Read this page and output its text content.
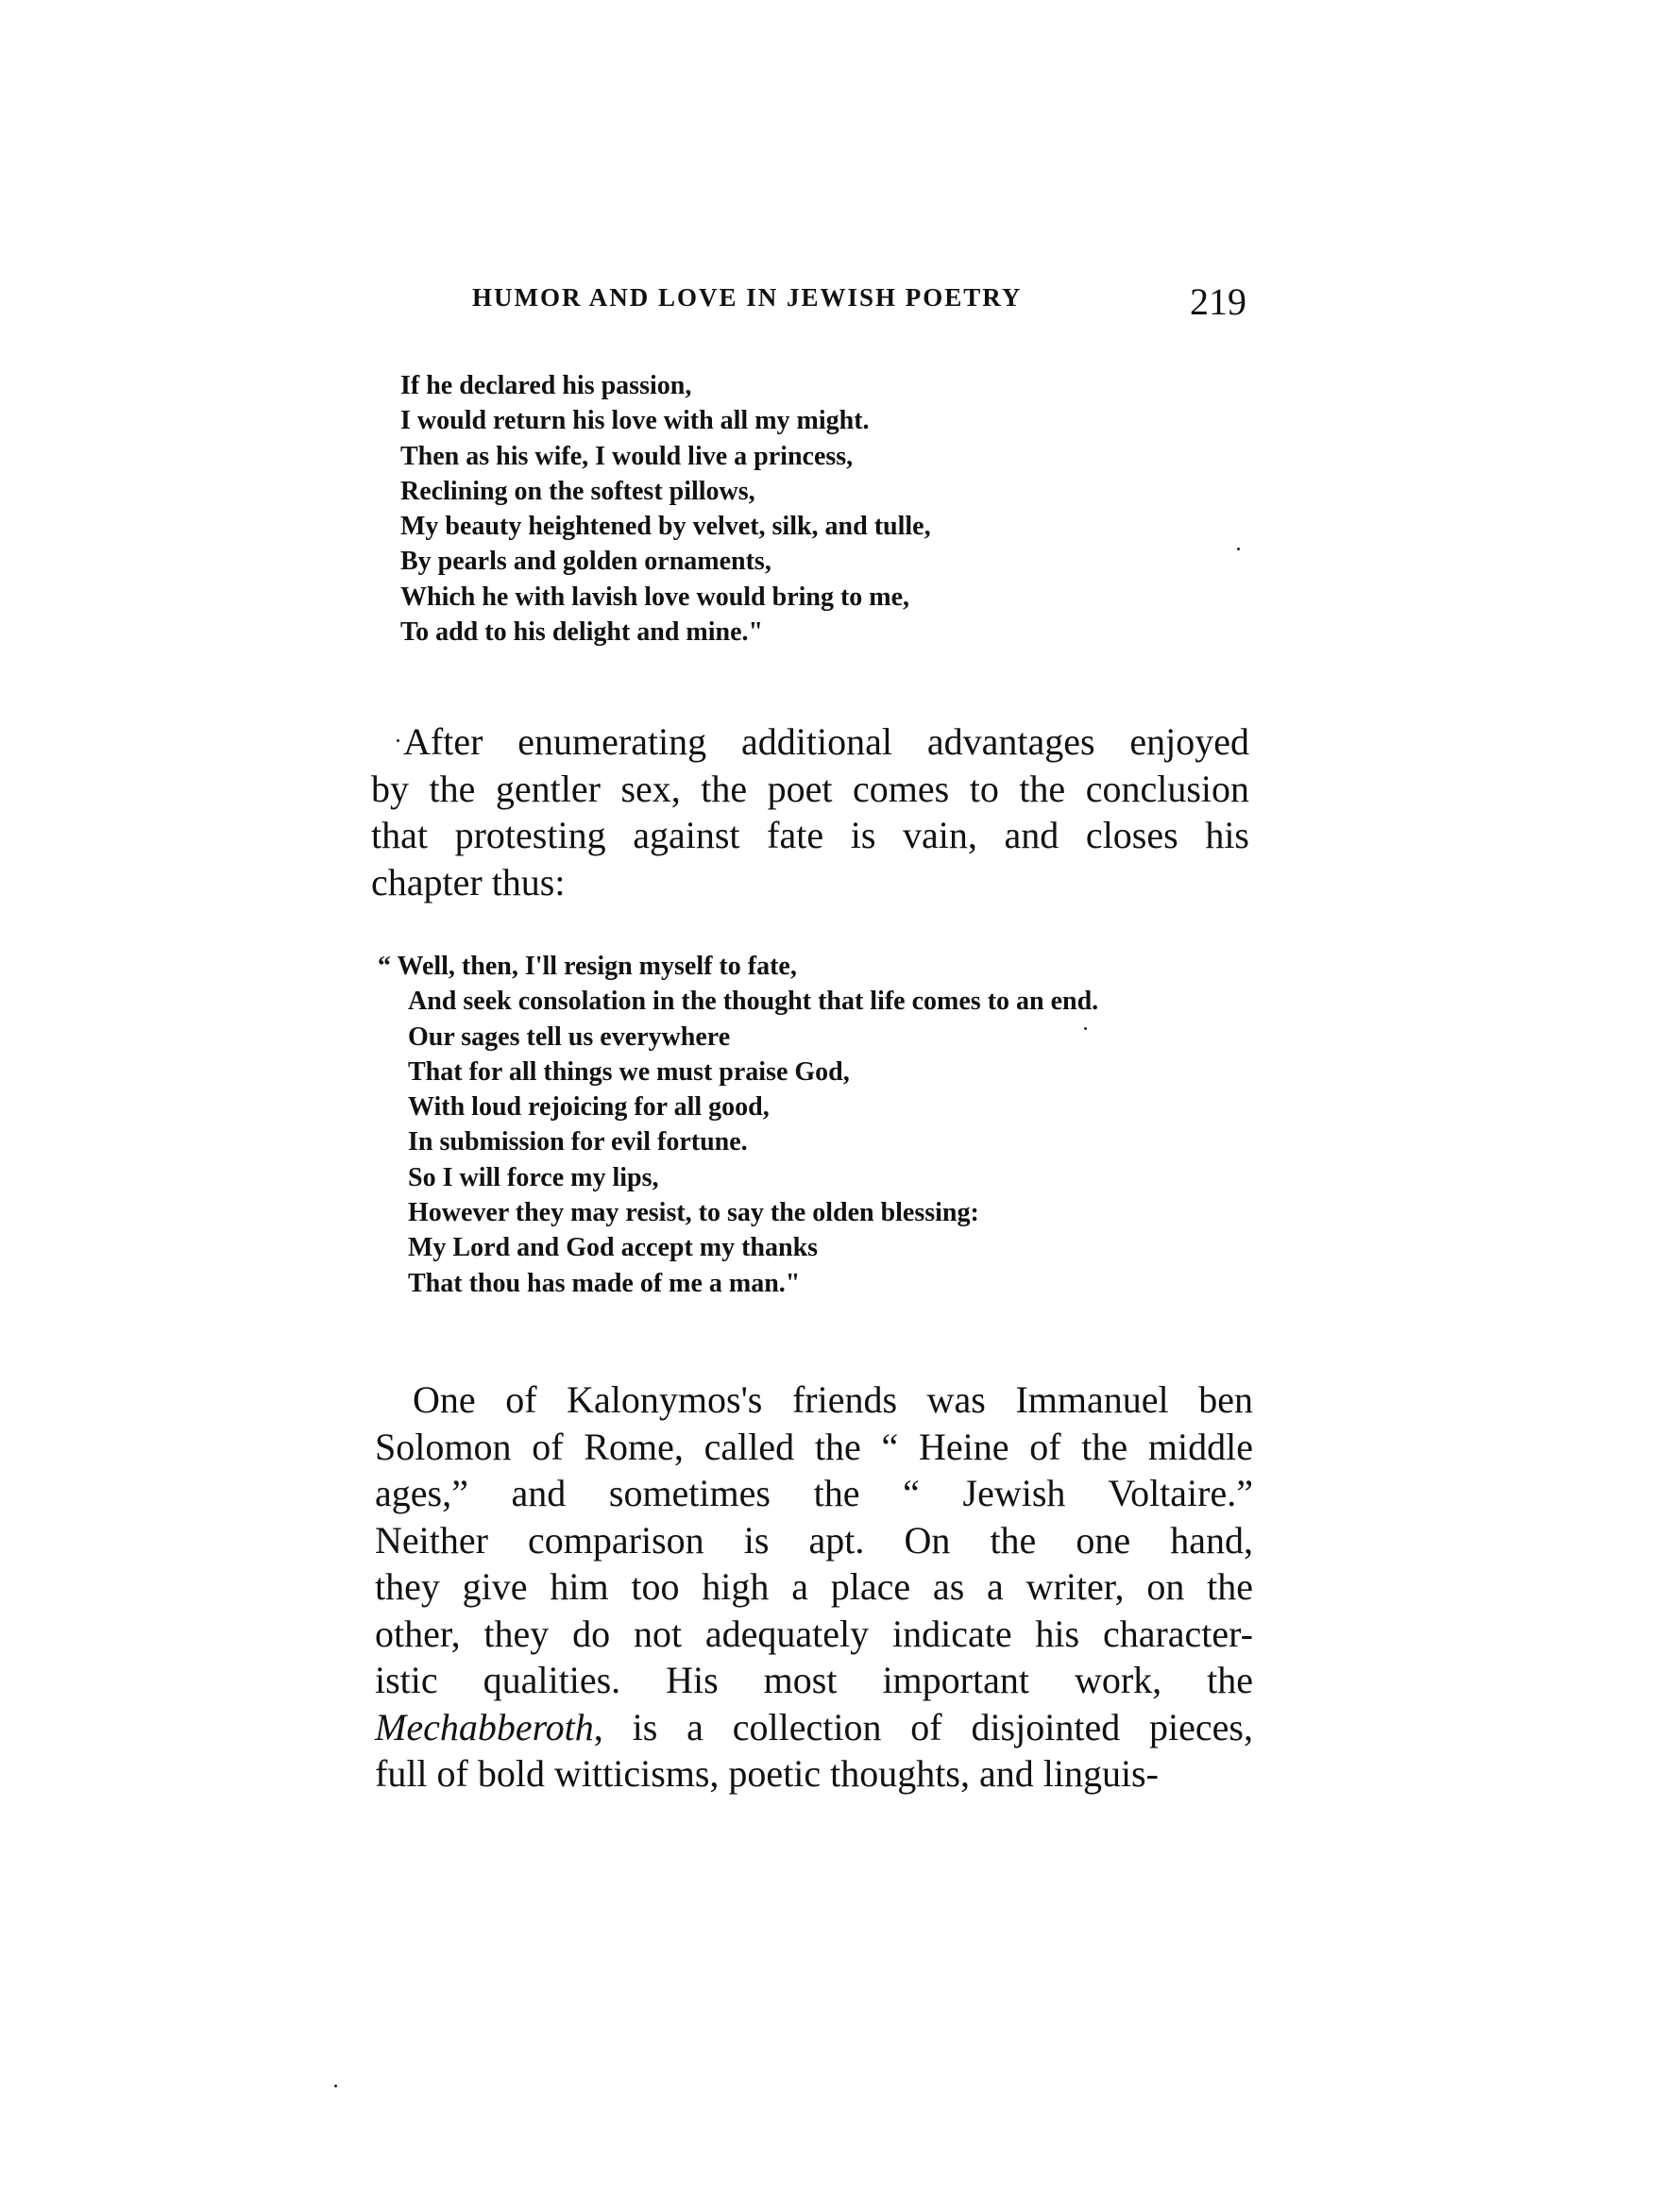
HUMOR AND LOVE IN JEWISH POETRY	219
If he declared his passion,
I would return his love with all my might.
Then as his wife, I would live a princess,
Reclining on the softest pillows,
My beauty heightened by velvet, silk, and tulle,
By pearls and golden ornaments,
Which he with lavish love would bring to me,
To add to his delight and mine."
After enumerating additional advantages enjoyed
by the gentler sex, the poet comes to the conclusion
that protesting against fate is vain, and closes his
chapter thus:
“ Well, then, I'll resign myself to fate,
And seek consolation in the thought that life comes to an end.
Our sages tell us everywhere
That for all things we must praise God,
With loud rejoicing for all good,
In submission for evil fortune.
So I will force my lips,
However they may resist, to say the olden blessing:
My Lord and God accept my thanks
That thou has made of me a man."
One of Kalonymos's friends was Immanuel ben
Solomon of Rome, called the “ Heine of the middle
ages,” and sometimes the “ Jewish Voltaire.”
Neither comparison is apt. On the one hand,
they give him too high a place as a writer, on the
other, they do not adequately indicate his character-
istic qualities. His most important work, the
Mechabberoth, is a collection of disjointed pieces,
full of bold witticisms, poetic thoughts, and linguis-
